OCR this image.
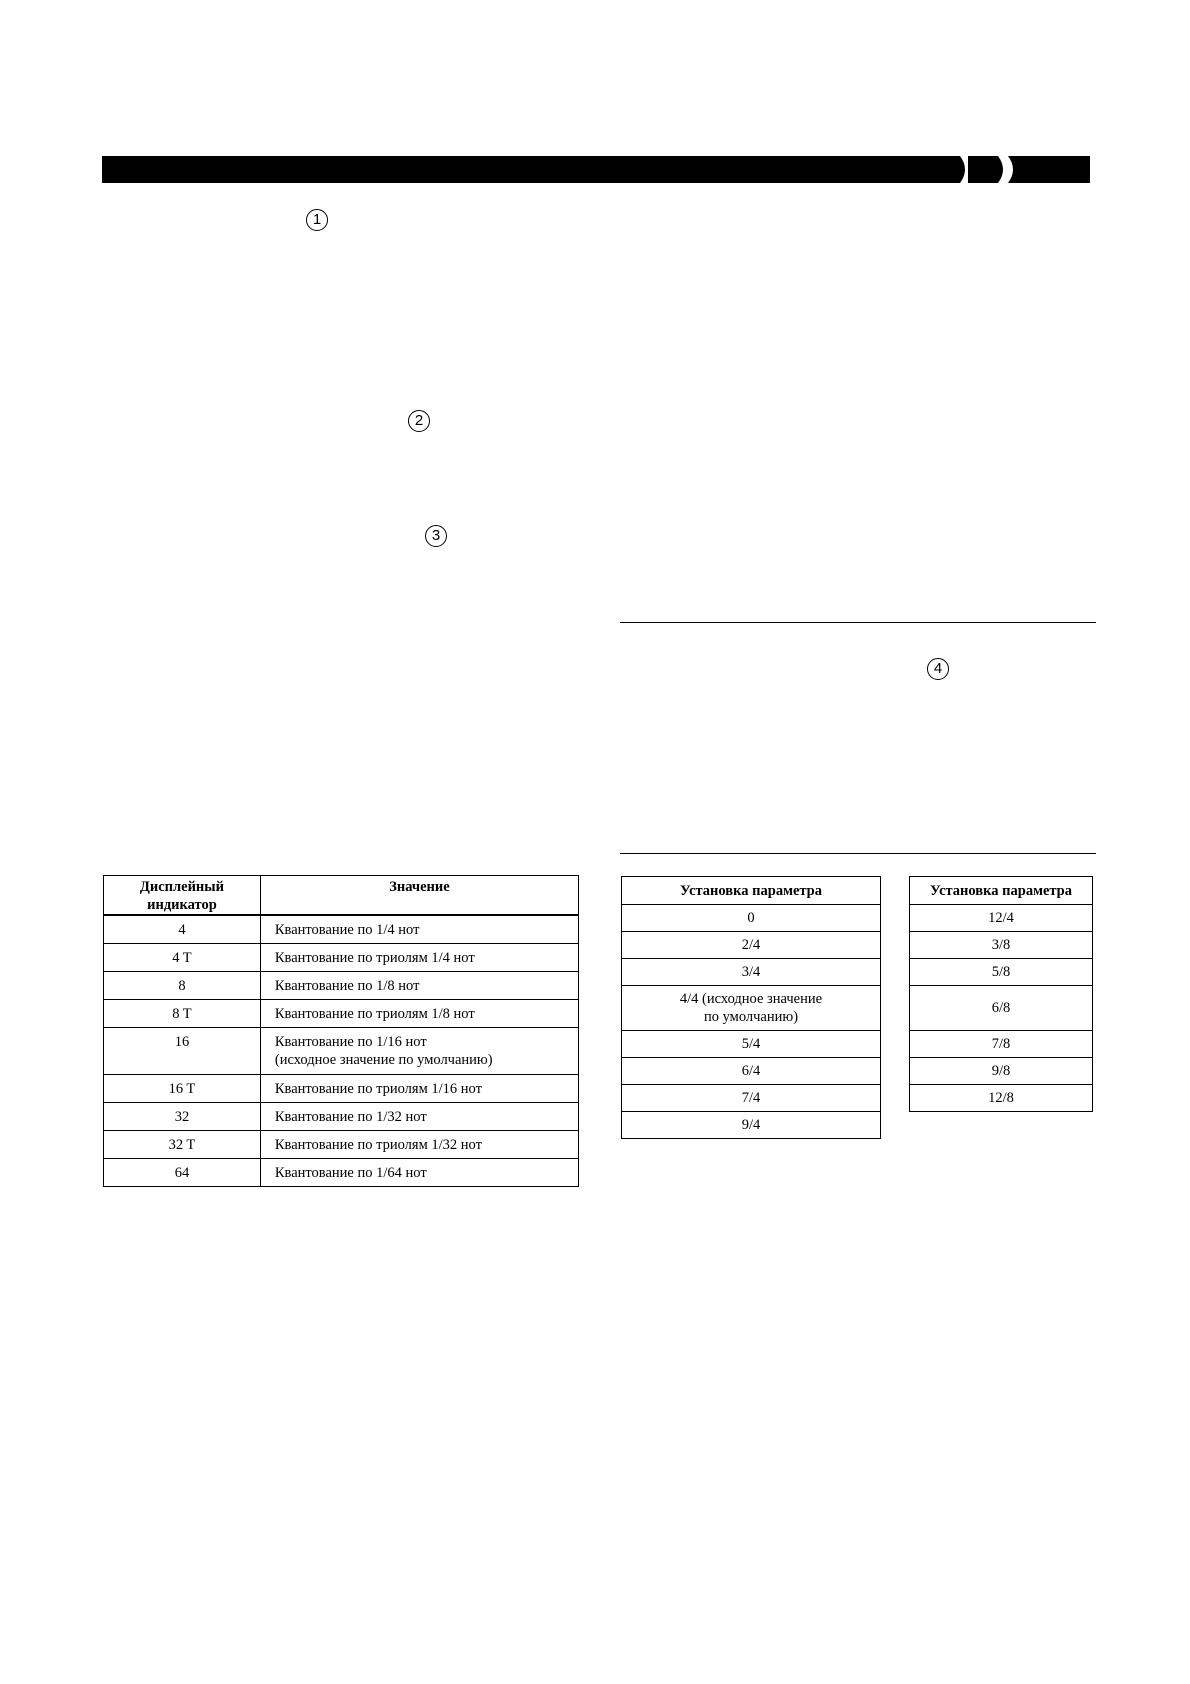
1
2
3
4
Дисплейный индикатор	Значение
4	Квантование по 1/4 нот
4 T	Квантование по триолям 1/4 нот
8	Квантование по 1/8 нот
8 T	Квантование по триолям 1/8 нот
16	Квантование по 1/16 нот
(исходное значение по умолчанию)

16 T	Квантование по триолям 1/16 нот
32	Квантование по 1/32 нот
32 T	Квантование по триолям 1/32 нот
64	Квантование по 1/64 нот
Установка параметра
0
2/4
3/4

4/4 (исходное значение
по умолчанию)

5/4
6/4
7/4
9/4
Установка параметра
12/4
3/8
5/8
6/8
7/8
9/8
12/8
